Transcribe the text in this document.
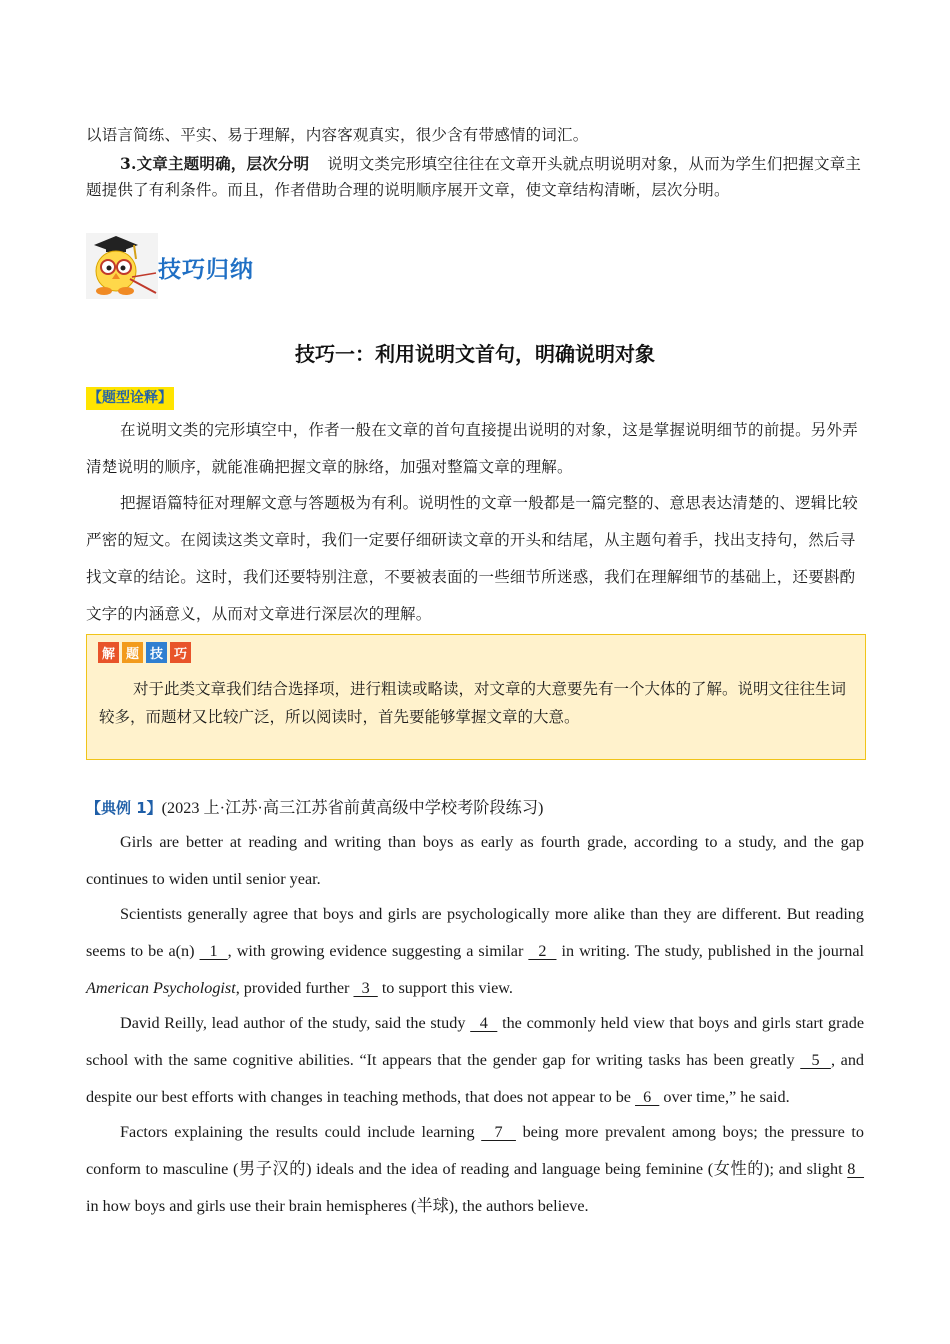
以语言简练、平实、易于理解，内容客观真实，很少含有带感情的词汇。

3.文章主题明确，层次分明 说明文类完形填空往往在文章开头就点明说明对象，从而为学生们把握文章主题提供了有利条件。而且，作者借助合理的说明顺序展开文章，使文章结构清晰，层次分明。

技巧归纳
技巧一：利用说明文首句，明确说明对象
【题型诠释】

在说明文类的完形填空中，作者一般在文章的首句直接提出说明的对象，这是掌握说明细节的前提。另外弄清楚说明的顺序，就能准确把握文章的脉络，加强对整篇文章的理解。

把握语篇特征对理解文意与答题极为有利。说明性的文章一般都是一篇完整的、意思表达清楚的、逻辑比较严密的短文。在阅读这类文章时，我们一定要仔细研读文章的开头和结尾，从主题句着手，找出支持句，然后寻找文章的结论。这时，我们还要特别注意，不要被表面的一些细节所迷惑，我们在理解细节的基础上，还要斟酌文字的内涵意义，从而对文章进行深层次的理解。

解 题 技 巧

对于此类文章我们结合选择项，进行粗读或略读，对文章的大意要先有一个大体的了解。说明文往往生词较多，而题材又比较广泛，所以阅读时，首先要能够掌握文章的大意。

【典例 1】(2023 上·江苏·高三江苏省前黄高级中学校考阶段练习)

Girls are better at reading and writing than boys as early as fourth grade, according to a study, and the gap continues to widen until senior year.

Scientists generally agree that boys and girls are psychologically more alike than they are different. But reading seems to be a(n)   1  , with growing evidence suggesting a similar   2   in writing. The study, published in the journal American Psychologist, provided further   3   to support this view.

David Reilly, lead author of the study, said the study   4   the commonly held view that boys and girls start grade school with the same cognitive abilities. “It appears that the gender gap for writing tasks has been greatly   5  , and despite our best efforts with changes in teaching methods, that does not appear to be   6   over time,” he said.

Factors explaining the results could include learning   7   being more prevalent among boys; the pressure to conform to masculine (男子汉的) ideals and the idea of reading and language being feminine (女性的); and slight 8   in how boys and girls use their brain hemispheres (半球), the authors believe.
